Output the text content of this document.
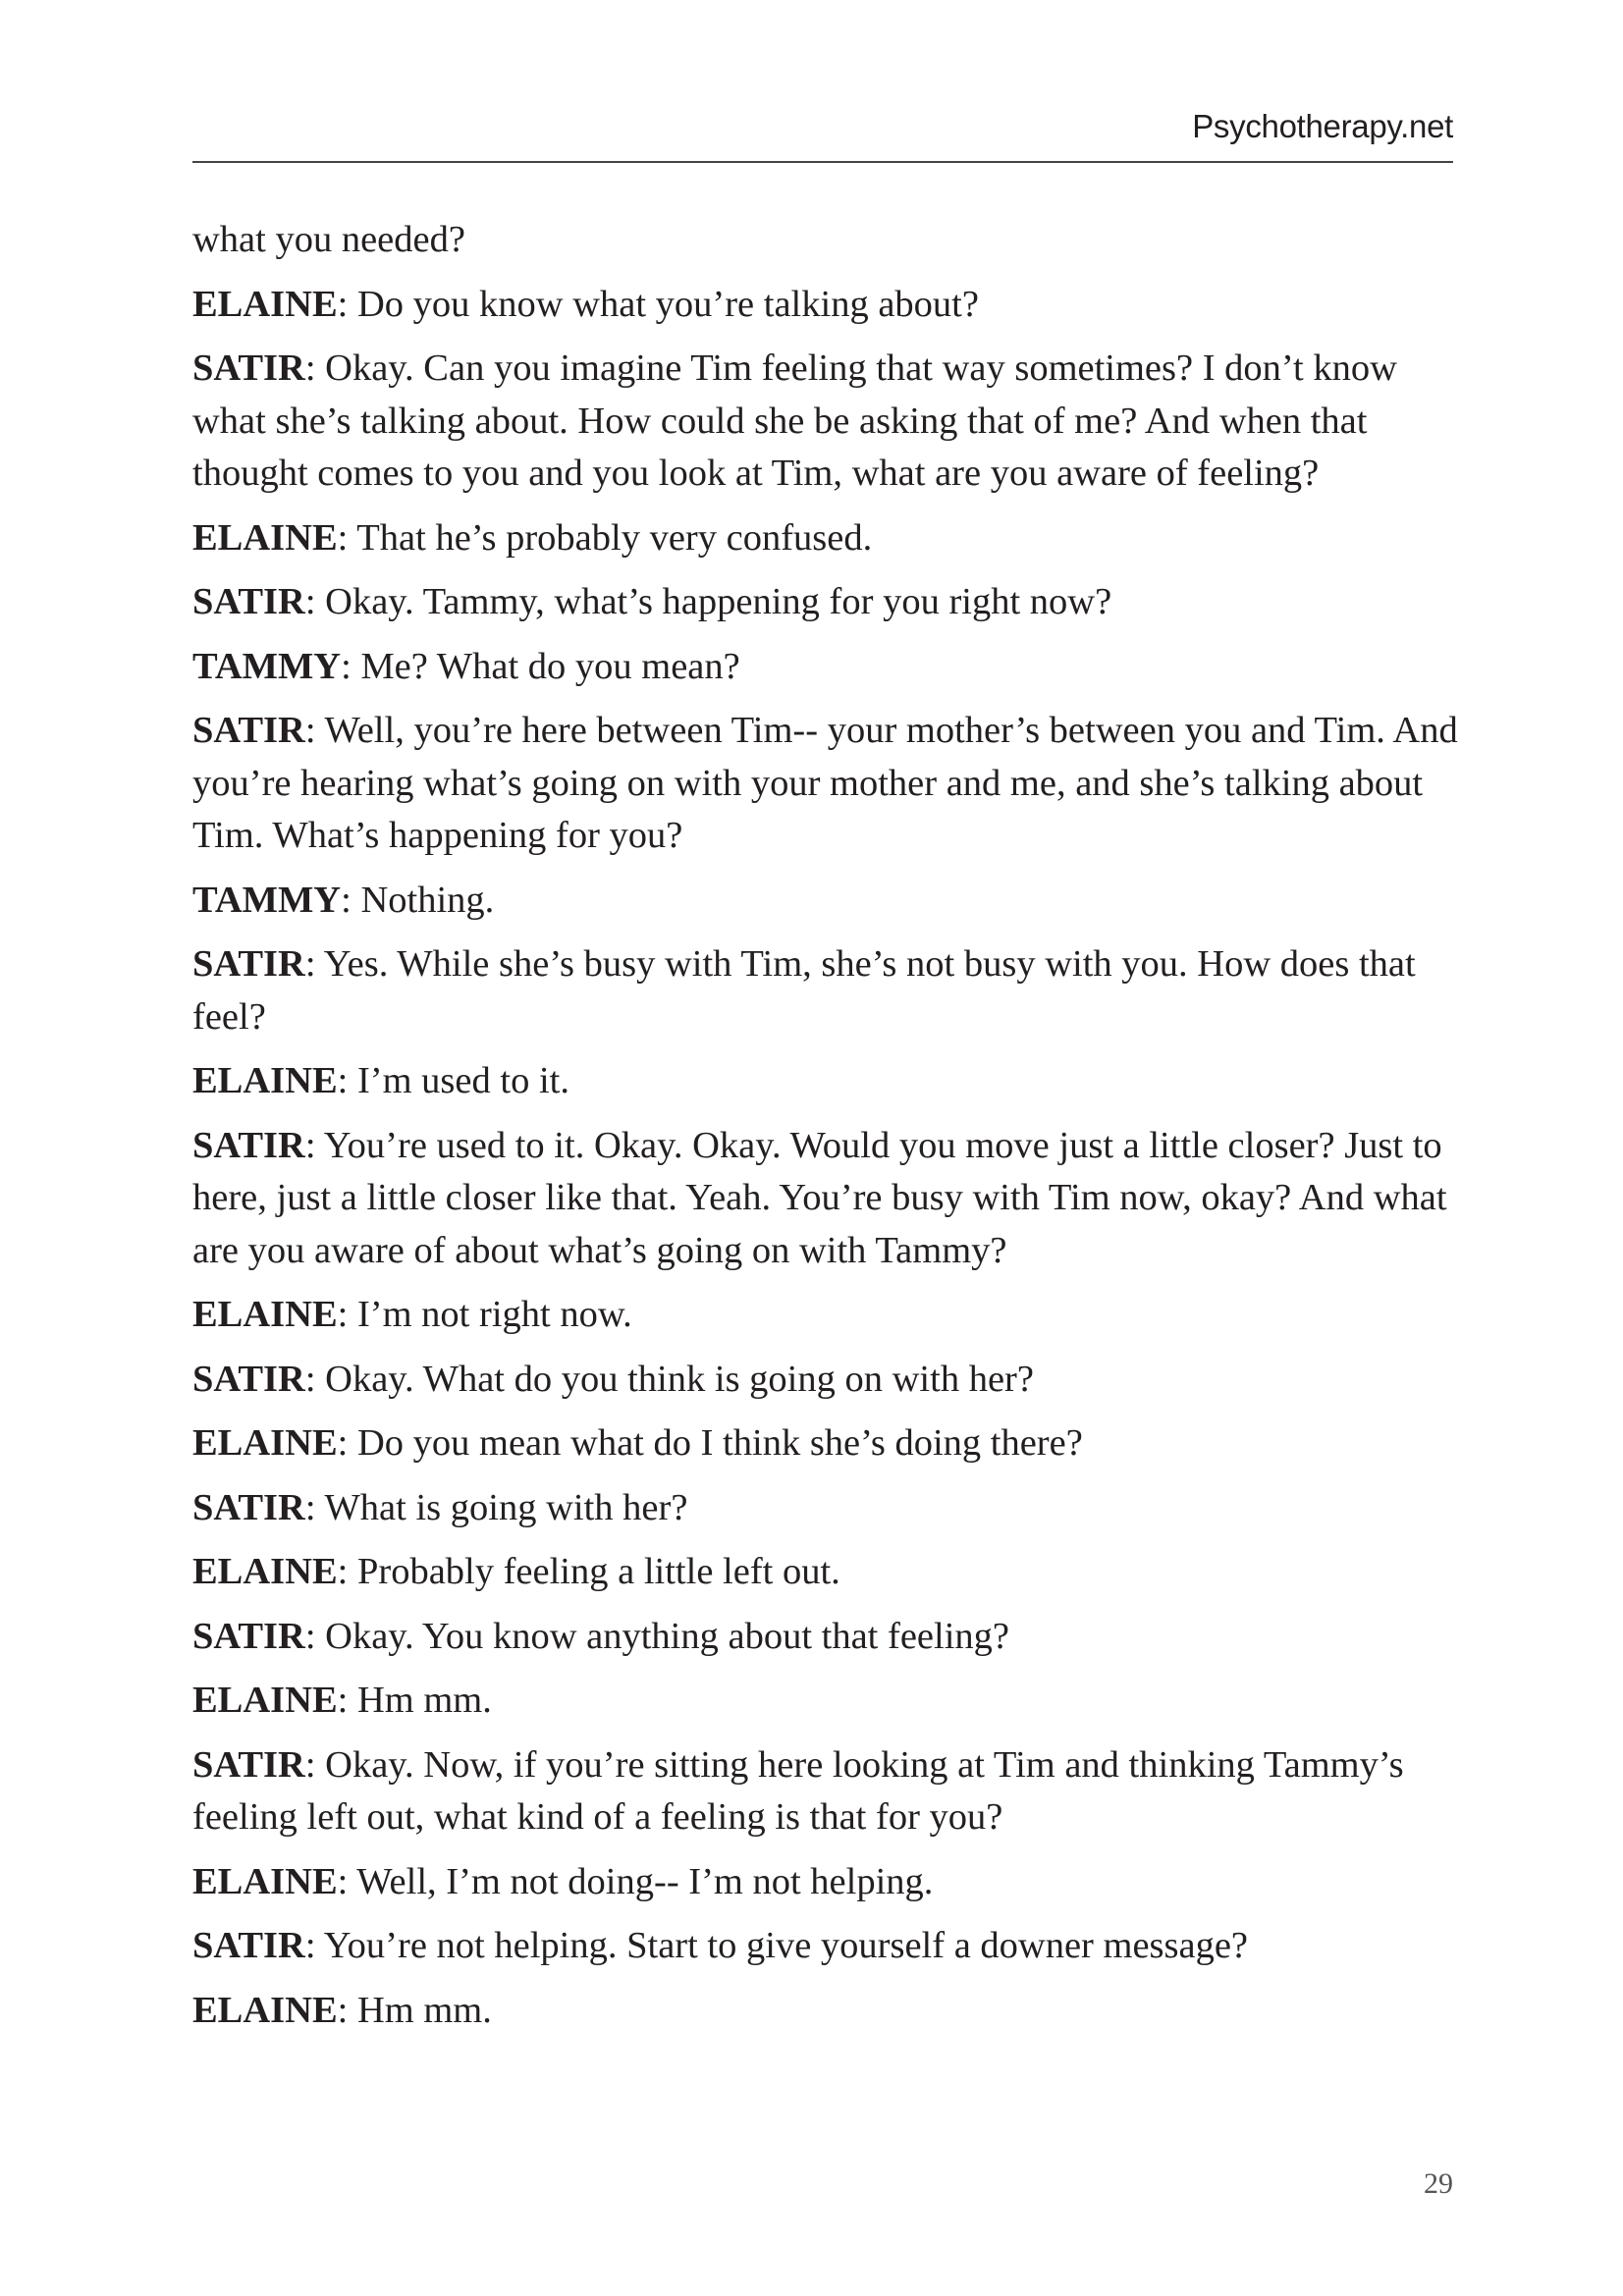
Psychotherapy.net

what you needed?

ELAINE: Do you know what you’re talking about?

SATIR: Okay. Can you imagine Tim feeling that way sometimes? I don’t know what she’s talking about. How could she be asking that of me? And when that thought comes to you and you look at Tim, what are you aware of feeling?

ELAINE: That he’s probably very confused.

SATIR: Okay. Tammy, what’s happening for you right now?

TAMMY: Me? What do you mean?

SATIR: Well, you’re here between Tim-- your mother’s between you and Tim. And you’re hearing what’s going on with your mother and me, and she’s talking about Tim. What’s happening for you?

TAMMY: Nothing.

SATIR: Yes. While she’s busy with Tim, she’s not busy with you. How does that feel?

ELAINE: I’m used to it.

SATIR: You’re used to it. Okay. Okay. Would you move just a little closer? Just to here, just a little closer like that. Yeah. You’re busy with Tim now, okay? And what are you aware of about what’s going on with Tammy?

ELAINE: I’m not right now.

SATIR: Okay. What do you think is going on with her?

ELAINE: Do you mean what do I think she’s doing there?

SATIR: What is going with her?

ELAINE: Probably feeling a little left out.

SATIR: Okay. You know anything about that feeling?

ELAINE: Hm mm.

SATIR: Okay. Now, if you’re sitting here looking at Tim and thinking Tammy’s feeling left out, what kind of a feeling is that for you?

ELAINE: Well, I’m not doing-- I’m not helping.

SATIR: You’re not helping. Start to give yourself a downer message?

ELAINE: Hm mm.

29
